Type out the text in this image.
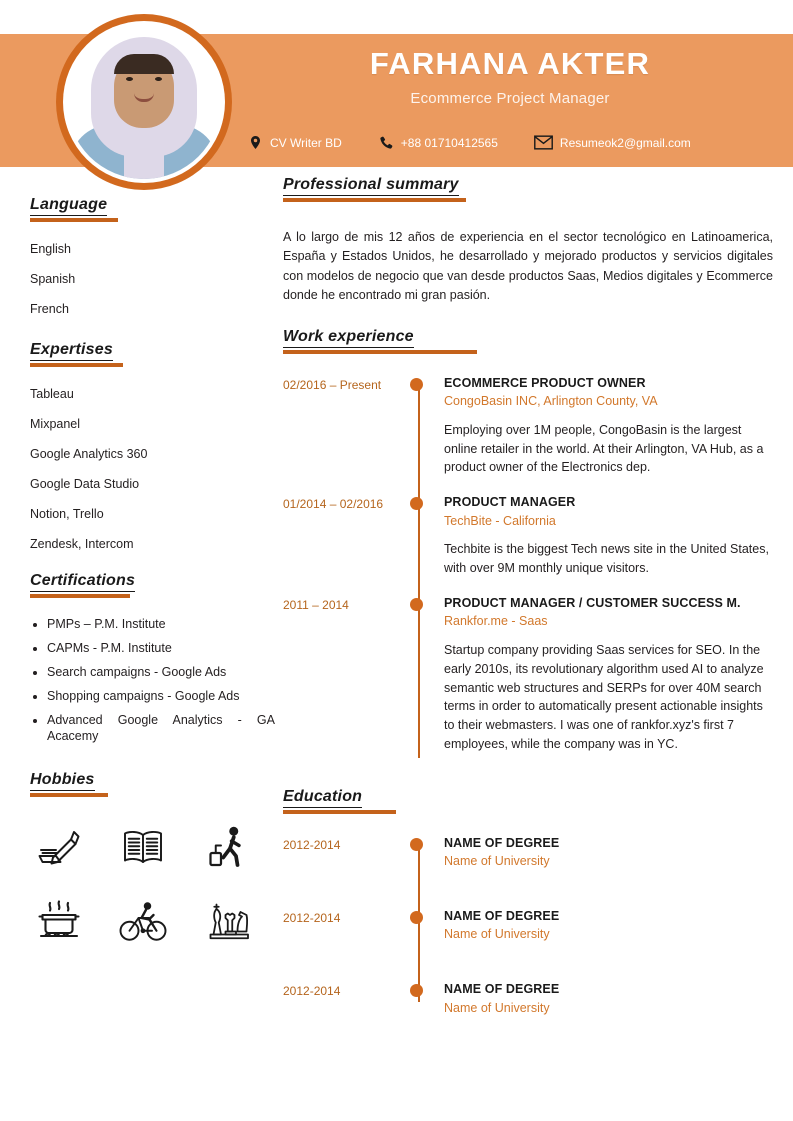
FARHANA AKTER
Ecommerce Project Manager
CV Writer BD	+88 01710412565	Resumeok2@gmail.com
Language
English
Spanish
French
Expertises
Tableau
Mixpanel
Google Analytics 360
Google Data Studio
Notion, Trello
Zendesk, Intercom
Certifications
• PMPs – P.M. Institute
• CAPMs - P.M. Institute
• Search campaigns - Google Ads
• Shopping campaigns - Google Ads
• Advanced Google Analytics - GA Acacemy
Hobbies
Professional summary
A lo largo de mis 12 años de experiencia en el sector tecnológico en Latinoamerica, España y Estados Unidos, he desarrollado y mejorado productos y servicios digitales con modelos de negocio que van desde productos Saas, Medios digitales y Ecommerce donde he encontrado mi gran pasión.
Work experience
02/2016 – Present	ECOMMERCE PRODUCT OWNER
CongoBasin INC, Arlington County, VA
Employing over 1M people, CongoBasin is the largest online retailer in the world. At their Arlington, VA Hub, as a product owner of the Electronics dep.
01/2014 – 02/2016	PRODUCT MANAGER
TechBite - California
Techbite is the biggest Tech news site in the United States, with over 9M monthly unique visitors.
2011 – 2014	PRODUCT MANAGER / CUSTOMER SUCCESS M.
Rankfor.me - Saas
Startup company providing Saas services for SEO. In the early 2010s, its revolutionary algorithm used AI to analyze semantic web structures and SERPs for over 40M search terms in order to automatically present actionable insights to their webmasters. I was one of rankfor.xyz's first 7 employees, while the company was in YC.
Education
2012-2014	NAME OF DEGREE
Name of University
2012-2014	NAME OF DEGREE
Name of University
2012-2014	NAME OF DEGREE
Name of University
